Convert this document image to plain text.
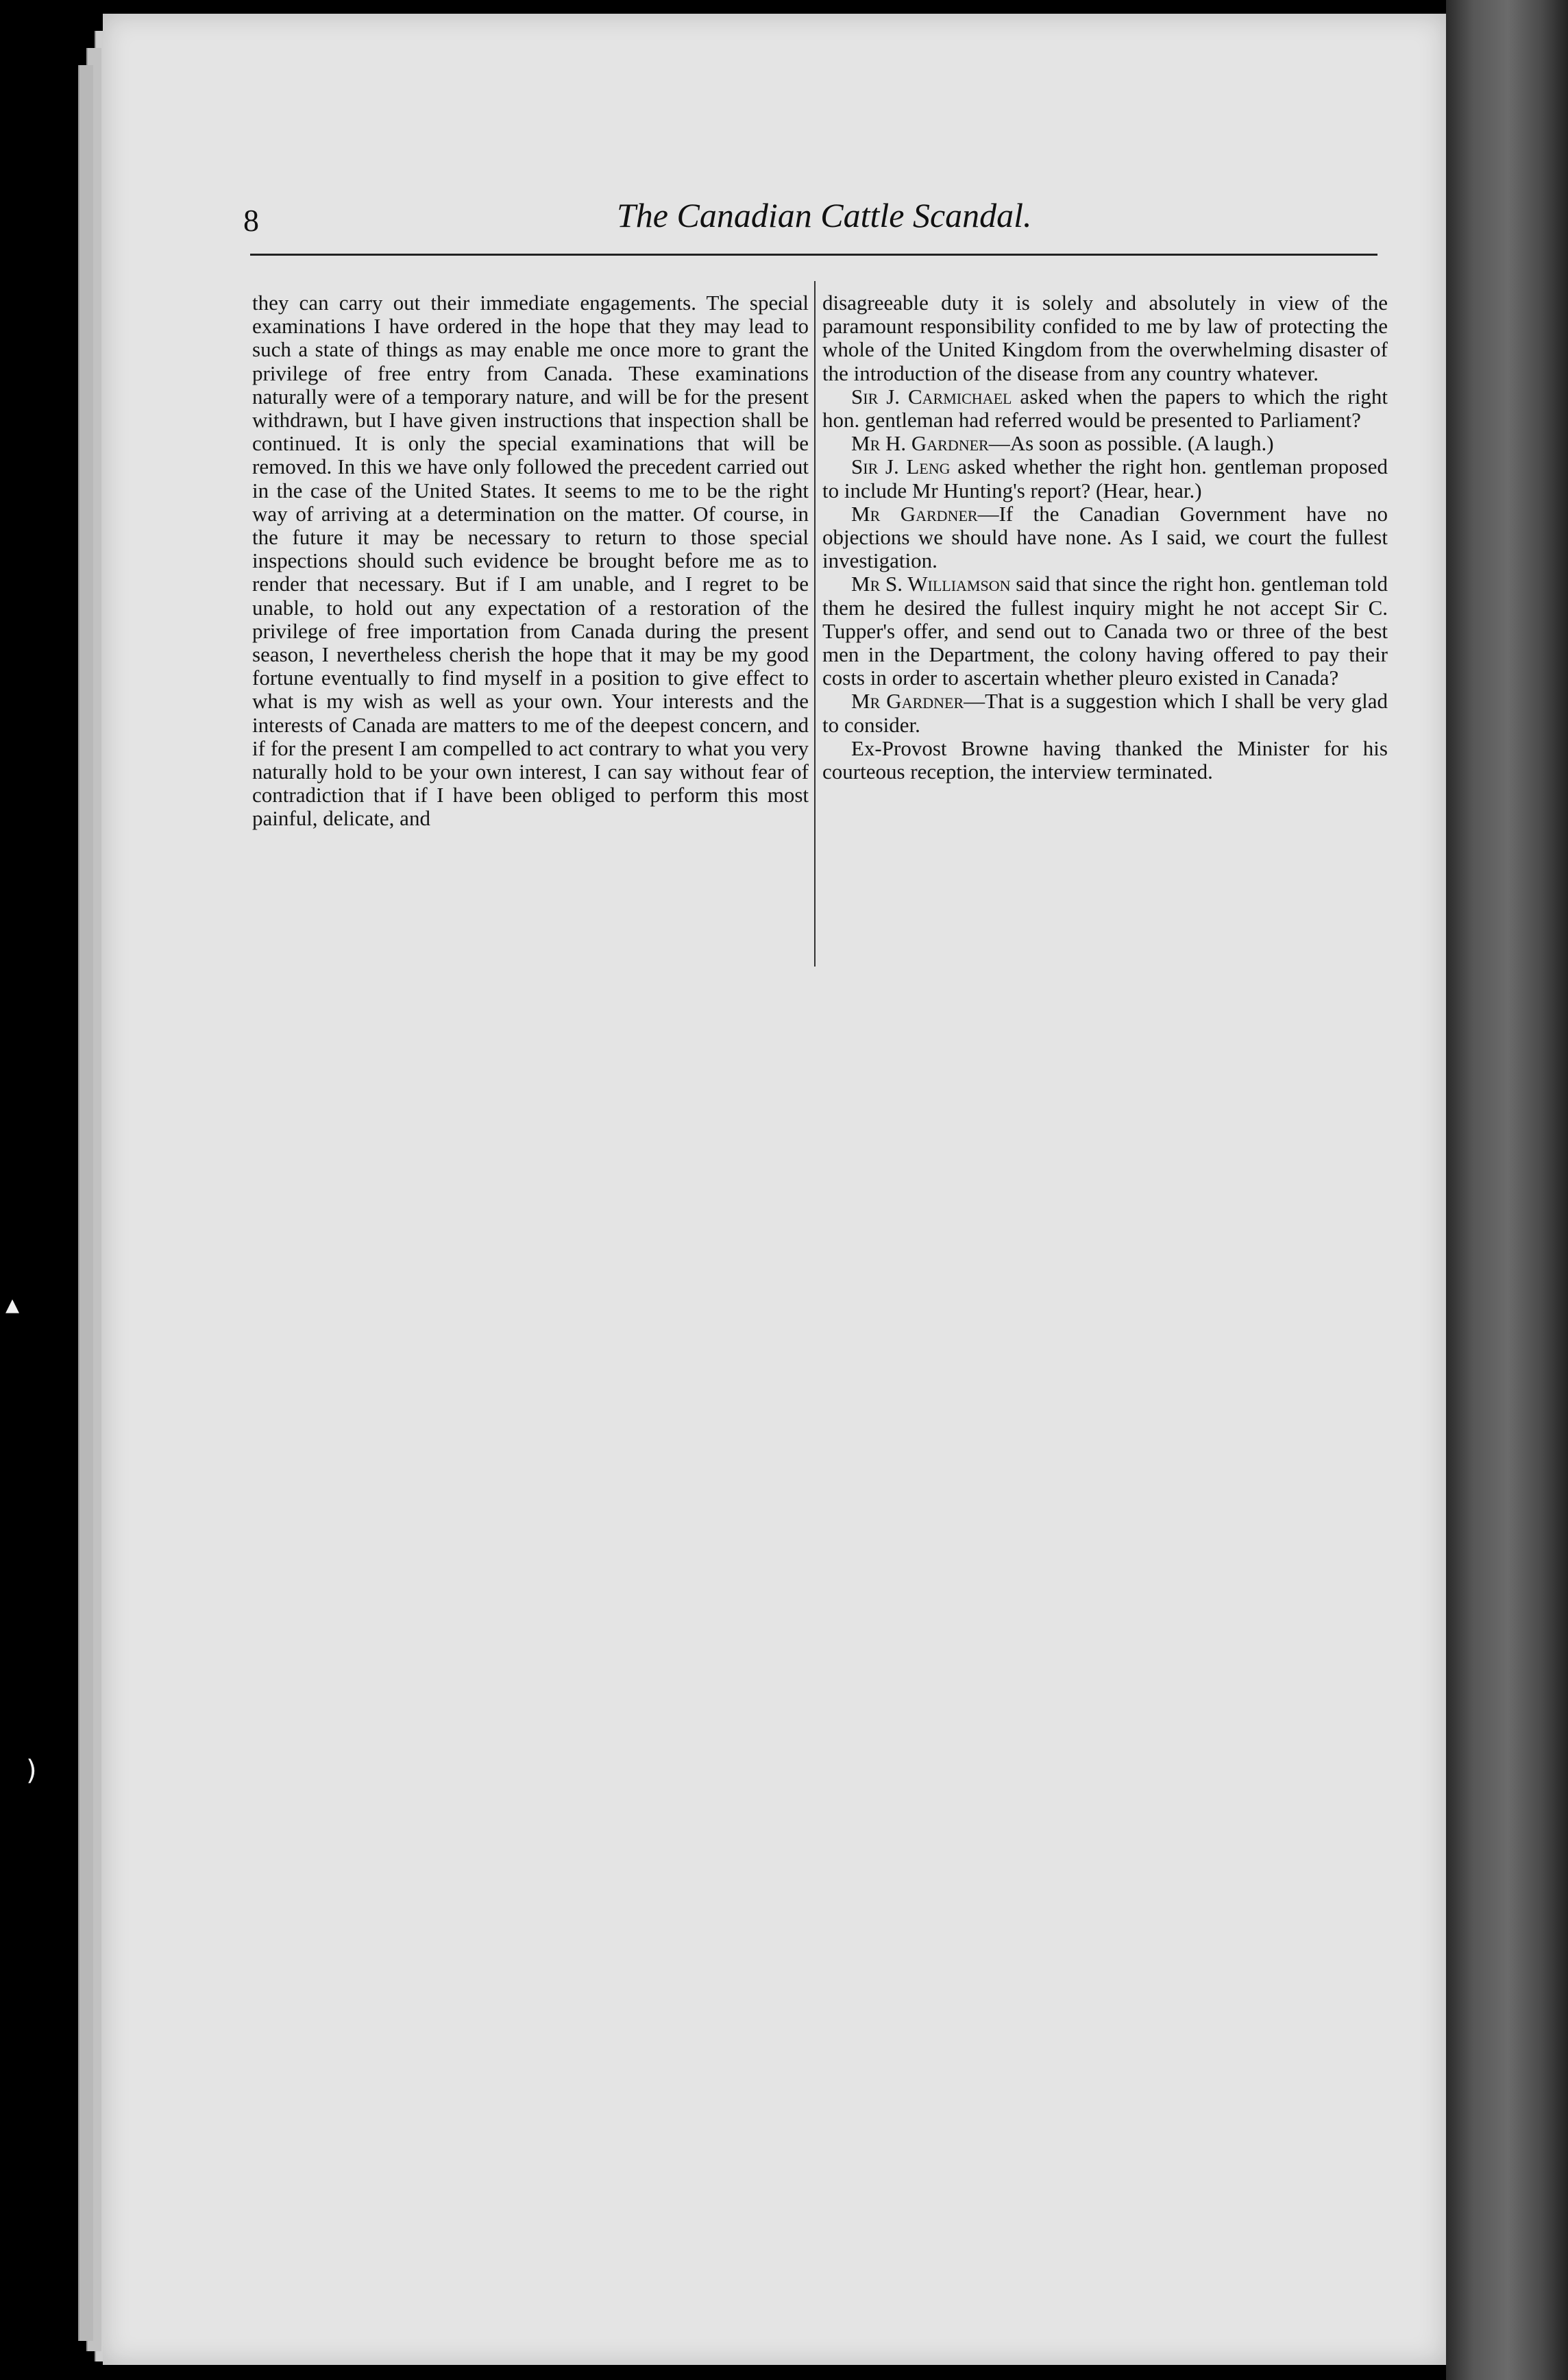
8	The Canadian Cattle Scandal.

they can carry out their immediate engagements. The special examinations I have ordered in the hope that they may lead to such a state of things as may enable me once more to grant the privilege of free entry from Canada. These examinations naturally were of a temporary nature, and will be for the present withdrawn, but I have given instructions that inspection shall be continued. It is only the special examinations that will be removed. In this we have only followed the precedent carried out in the case of the United States. It seems to me to be the right way of arriving at a determination on the matter. Of course, in the future it may be necessary to return to those special inspections should such evidence be brought before me as to render that necessary. But if I am unable, and I regret to be unable, to hold out any expectation of a restoration of the privilege of free importation from Canada during the present season, I nevertheless cherish the hope that it may be my good fortune eventually to find myself in a position to give effect to what is my wish as well as your own. Your interests and the interests of Canada are matters to me of the deepest concern, and if for the present I am compelled to act contrary to what you very naturally hold to be your own interest, I can say without fear of contradiction that if I have been obliged to perform this most painful, delicate, and

disagreeable duty it is solely and absolutely in view of the paramount responsibility confided to me by law of protecting the whole of the United Kingdom from the overwhelming disaster of the introduction of the disease from any country whatever.

Sir J. Carmichael asked when the papers to which the right hon. gentleman had referred would be presented to Parliament?

Mr H. Gardner—As soon as possible. (A laugh.)

Sir J. Leng asked whether the right hon. gentleman proposed to include Mr Hunting's report? (Hear, hear.)

Mr Gardner—If the Canadian Government have no objections we should have none. As I said, we court the fullest investigation.

Mr S. Williamson said that since the right hon. gentleman told them he desired the fullest inquiry might he not accept Sir C. Tupper's offer, and send out to Canada two or three of the best men in the Department, the colony having offered to pay their costs in order to ascertain whether pleuro existed in Canada?

Mr Gardner—That is a suggestion which I shall be very glad to consider.

Ex-Provost Browne having thanked the Minister for his courteous reception, the interview terminated.

▴
)
